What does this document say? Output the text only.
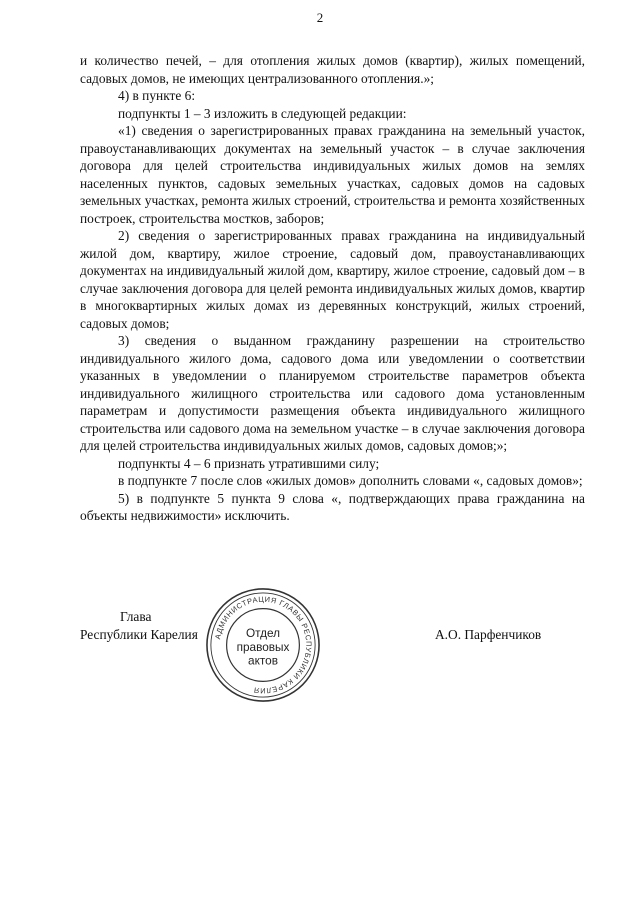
2

и количество печей, – для отопления жилых домов (квартир), жилых помещений, садовых домов, не имеющих централизованного отопления.»;

4) в пункте 6:

подпункты 1 – 3 изложить в следующей редакции:

«1) сведения о зарегистрированных правах гражданина на земельный участок, правоустанавливающих документах на земельный участок – в случае заключения договора для целей строительства индивидуальных жилых домов на землях населенных пунктов, садовых земельных участках, садовых домов на садовых земельных участках, ремонта жилых строений, строительства и ремонта хозяйственных построек, строительства мостков, заборов;

2) сведения о зарегистрированных правах гражданина на индивидуальный жилой дом, квартиру, жилое строение, садовый дом, правоустанавливающих документах на индивидуальный жилой дом, квартиру, жилое строение, садовый дом – в случае заключения договора для целей ремонта индивидуальных жилых домов, квартир в многоквартирных жилых домах из деревянных конструкций, жилых строений, садовых домов;

3) сведения о выданном гражданину разрешении на строительство индивидуального жилого дома, садового дома или уведомлении о соответствии указанных в уведомлении о планируемом строительстве параметров объекта индивидуального жилищного строительства или садового дома установленным параметрам и допустимости размещения объекта индивидуального жилищного строительства или садового дома на земельном участке – в случае заключения договора для целей строительства индивидуальных жилых домов, садовых домов;»;

подпункты 4 – 6 признать утратившими силу;

в подпункте 7 после слов «жилых домов» дополнить словами «, садовых домов»;

5) в подпункте 5 пункта 9 слова «, подтверждающих права гражданина на объекты недвижимости» исключить.

Глава
Республики Карелия АДМИНИСТРАЦИЯ ГЛАВЫ РЕСПУБЛИКИ КАРЕЛИЯ
Отдел
правовых
актов
А.О. Парфенчиков
